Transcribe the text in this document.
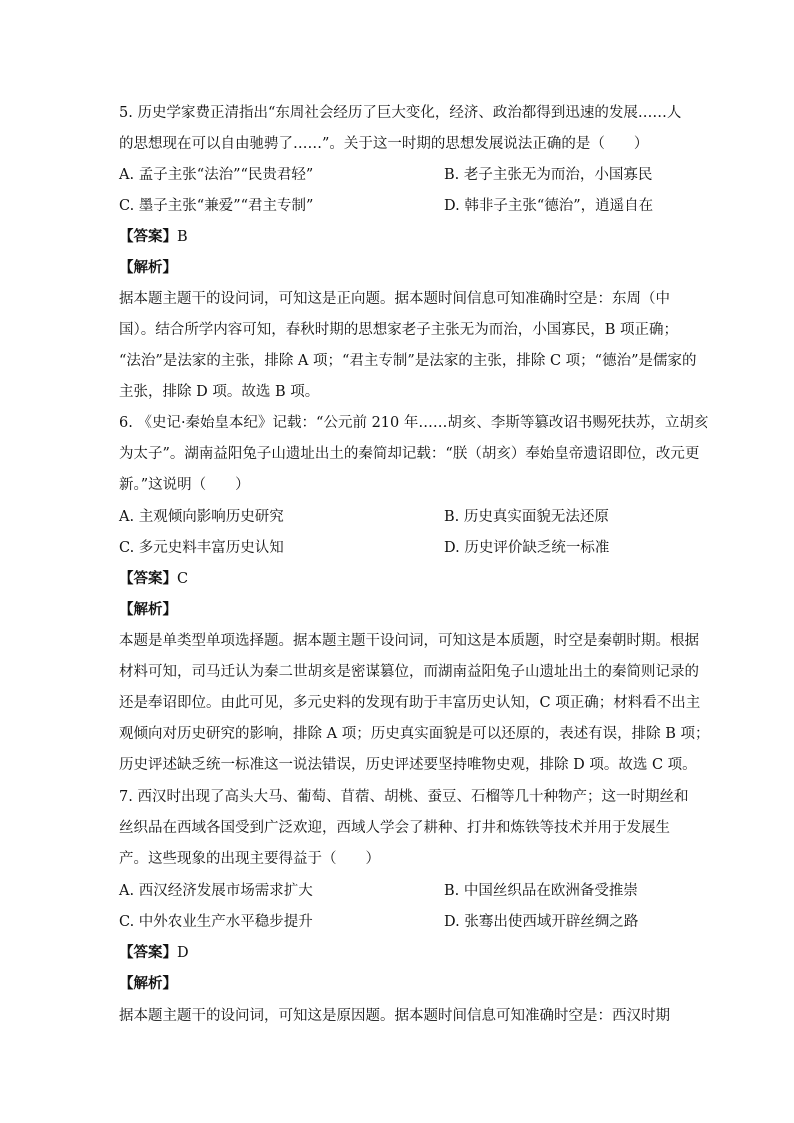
5. 历史学家费正清指出“东周社会经历了巨大变化，经济、政治都得到迅速的发展……人
的思想现在可以自由驰骋了……”。关于这一时期的思想发展说法正确的是（　　）
A. 孟子主张“法治”“民贵君轻”	B. 老子主张无为而治，小国寡民
C. 墨子主张“兼爱”“君主专制”	D. 韩非子主张“德治”，逍遥自在
【答案】B
【解析】
据本题主题干的设问词，可知这是正向题。据本题时间信息可知准确时空是：东周（中
国）。结合所学内容可知，春秋时期的思想家老子主张无为而治，小国寡民，B 项正确；
“法治”是法家的主张，排除 A 项；“君主专制”是法家的主张，排除 C 项；“德治”是儒家的
主张，排除 D 项。故选 B 项。
6. 《史记·秦始皇本纪》记载：“公元前 210 年……胡亥、李斯等篡改诏书赐死扶苏，立胡亥
为太子”。湖南益阳兔子山遗址出土的秦简却记载：“朕（胡亥）奉始皇帝遗诏即位，改元更
新。”这说明（　　）
A. 主观倾向影响历史研究	B. 历史真实面貌无法还原
C. 多元史料丰富历史认知	D. 历史评价缺乏统一标准
【答案】C
【解析】
本题是单类型单项选择题。据本题主题干设问词，可知这是本质题，时空是秦朝时期。根据
材料可知，司马迁认为秦二世胡亥是密谋篡位，而湖南益阳兔子山遗址出土的秦简则记录的
还是奉诏即位。由此可见，多元史料的发现有助于丰富历史认知，C 项正确；材料看不出主
观倾向对历史研究的影响，排除 A 项；历史真实面貌是可以还原的，表述有误，排除 B 项；
历史评述缺乏统一标准这一说法错误，历史评述要坚持唯物史观，排除 D 项。故选 C 项。
7. 西汉时出现了高头大马、葡萄、苜蓿、胡桃、蚕豆、石榴等几十种物产；这一时期丝和
丝织品在西域各国受到广泛欢迎，西域人学会了耕种、打井和炼铁等技术并用于发展生
产。这些现象的出现主要得益于（　　）
A. 西汉经济发展市场需求扩大	B. 中国丝织品在欧洲备受推崇
C. 中外农业生产水平稳步提升	D. 张骞出使西域开辟丝绸之路
【答案】D
【解析】
据本题主题干的设问词，可知这是原因题。据本题时间信息可知准确时空是：西汉时期
